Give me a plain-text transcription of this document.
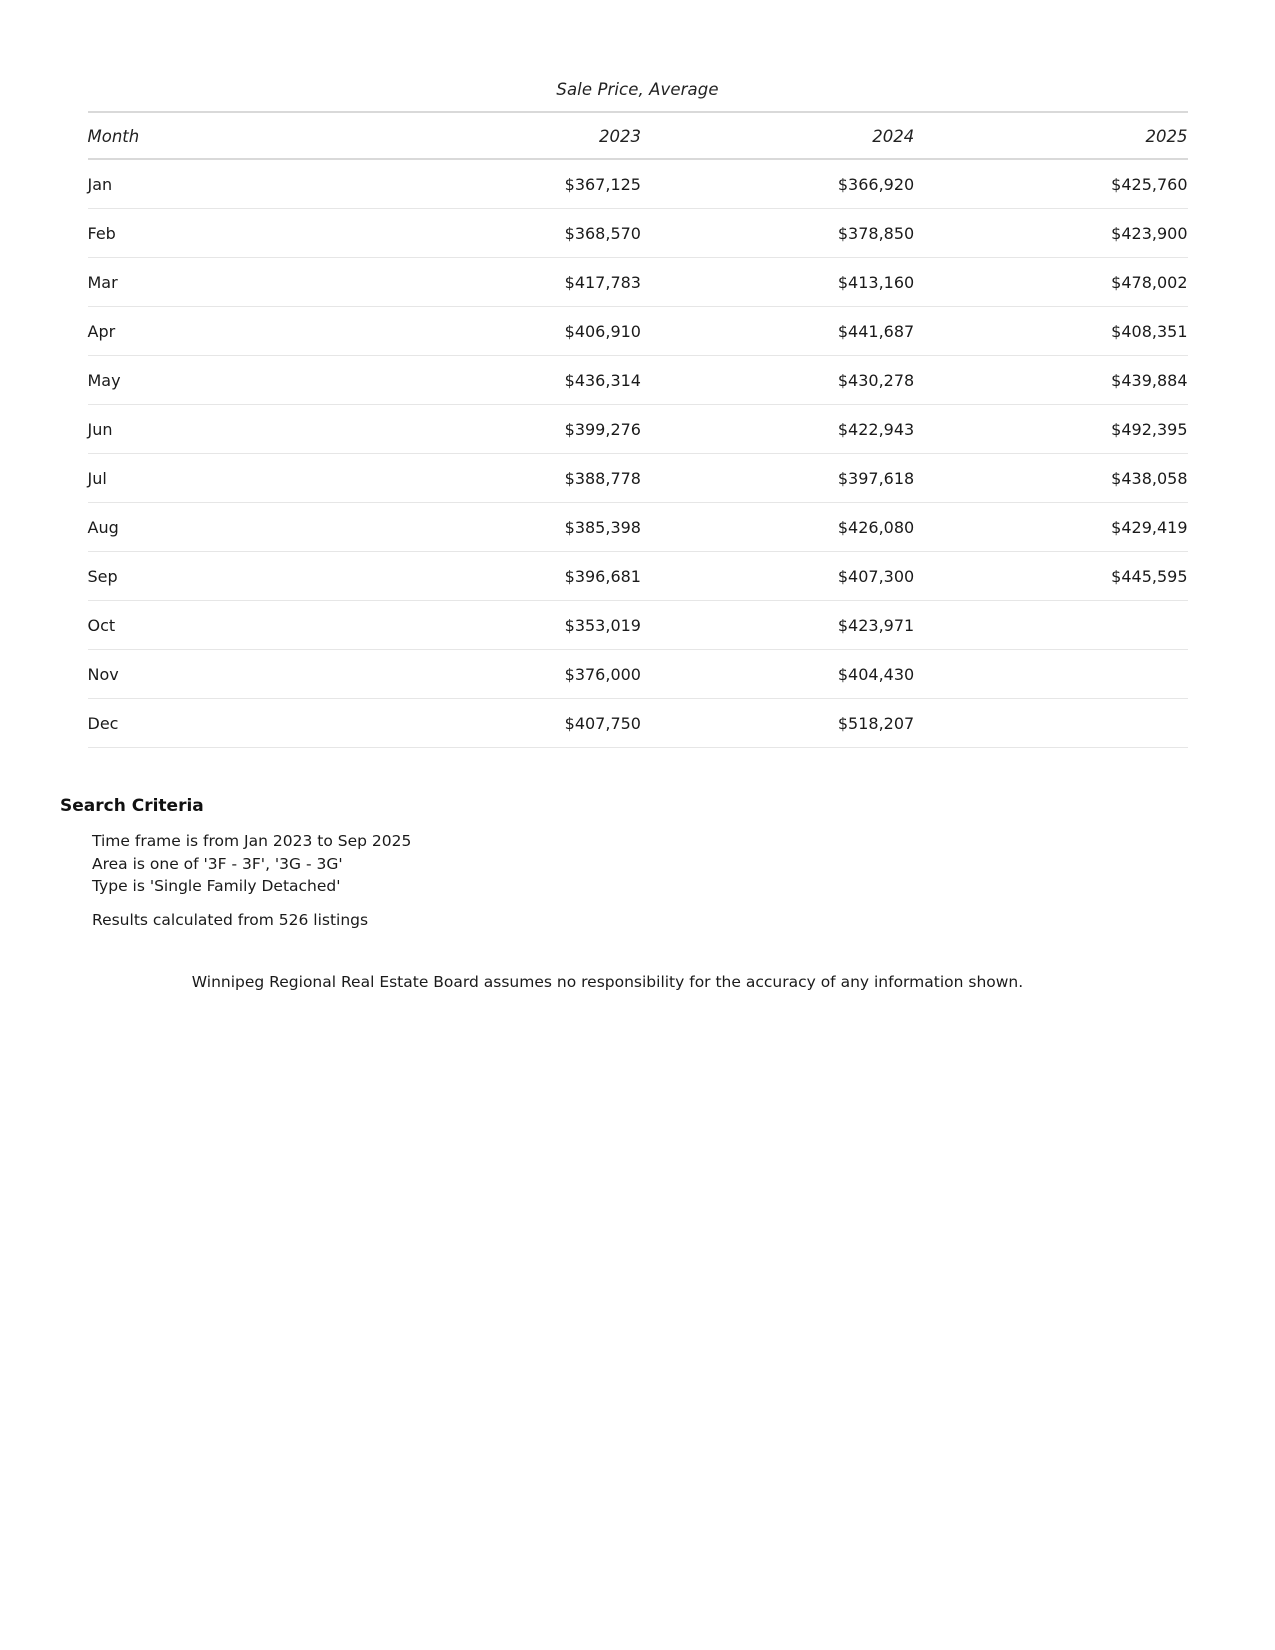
Sale Price, Average
Month	2023	2024	2025
Jan	$367,125	$366,920	$425,760
Feb	$368,570	$378,850	$423,900
Mar	$417,783	$413,160	$478,002
Apr	$406,910	$441,687	$408,351
May	$436,314	$430,278	$439,884
Jun	$399,276	$422,943	$492,395
Jul	$388,778	$397,618	$438,058
Aug	$385,398	$426,080	$429,419
Sep	$396,681	$407,300	$445,595
Oct	$353,019	$423,971	
Nov	$376,000	$404,430	
Dec	$407,750	$518,207	
Search Criteria
Time frame is from Jan 2023 to Sep 2025
Area is one of '3F - 3F', '3G - 3G'
Type is 'Single Family Detached'
Results calculated from 526 listings
Winnipeg Regional Real Estate Board assumes no responsibility for the accuracy of any information shown.
